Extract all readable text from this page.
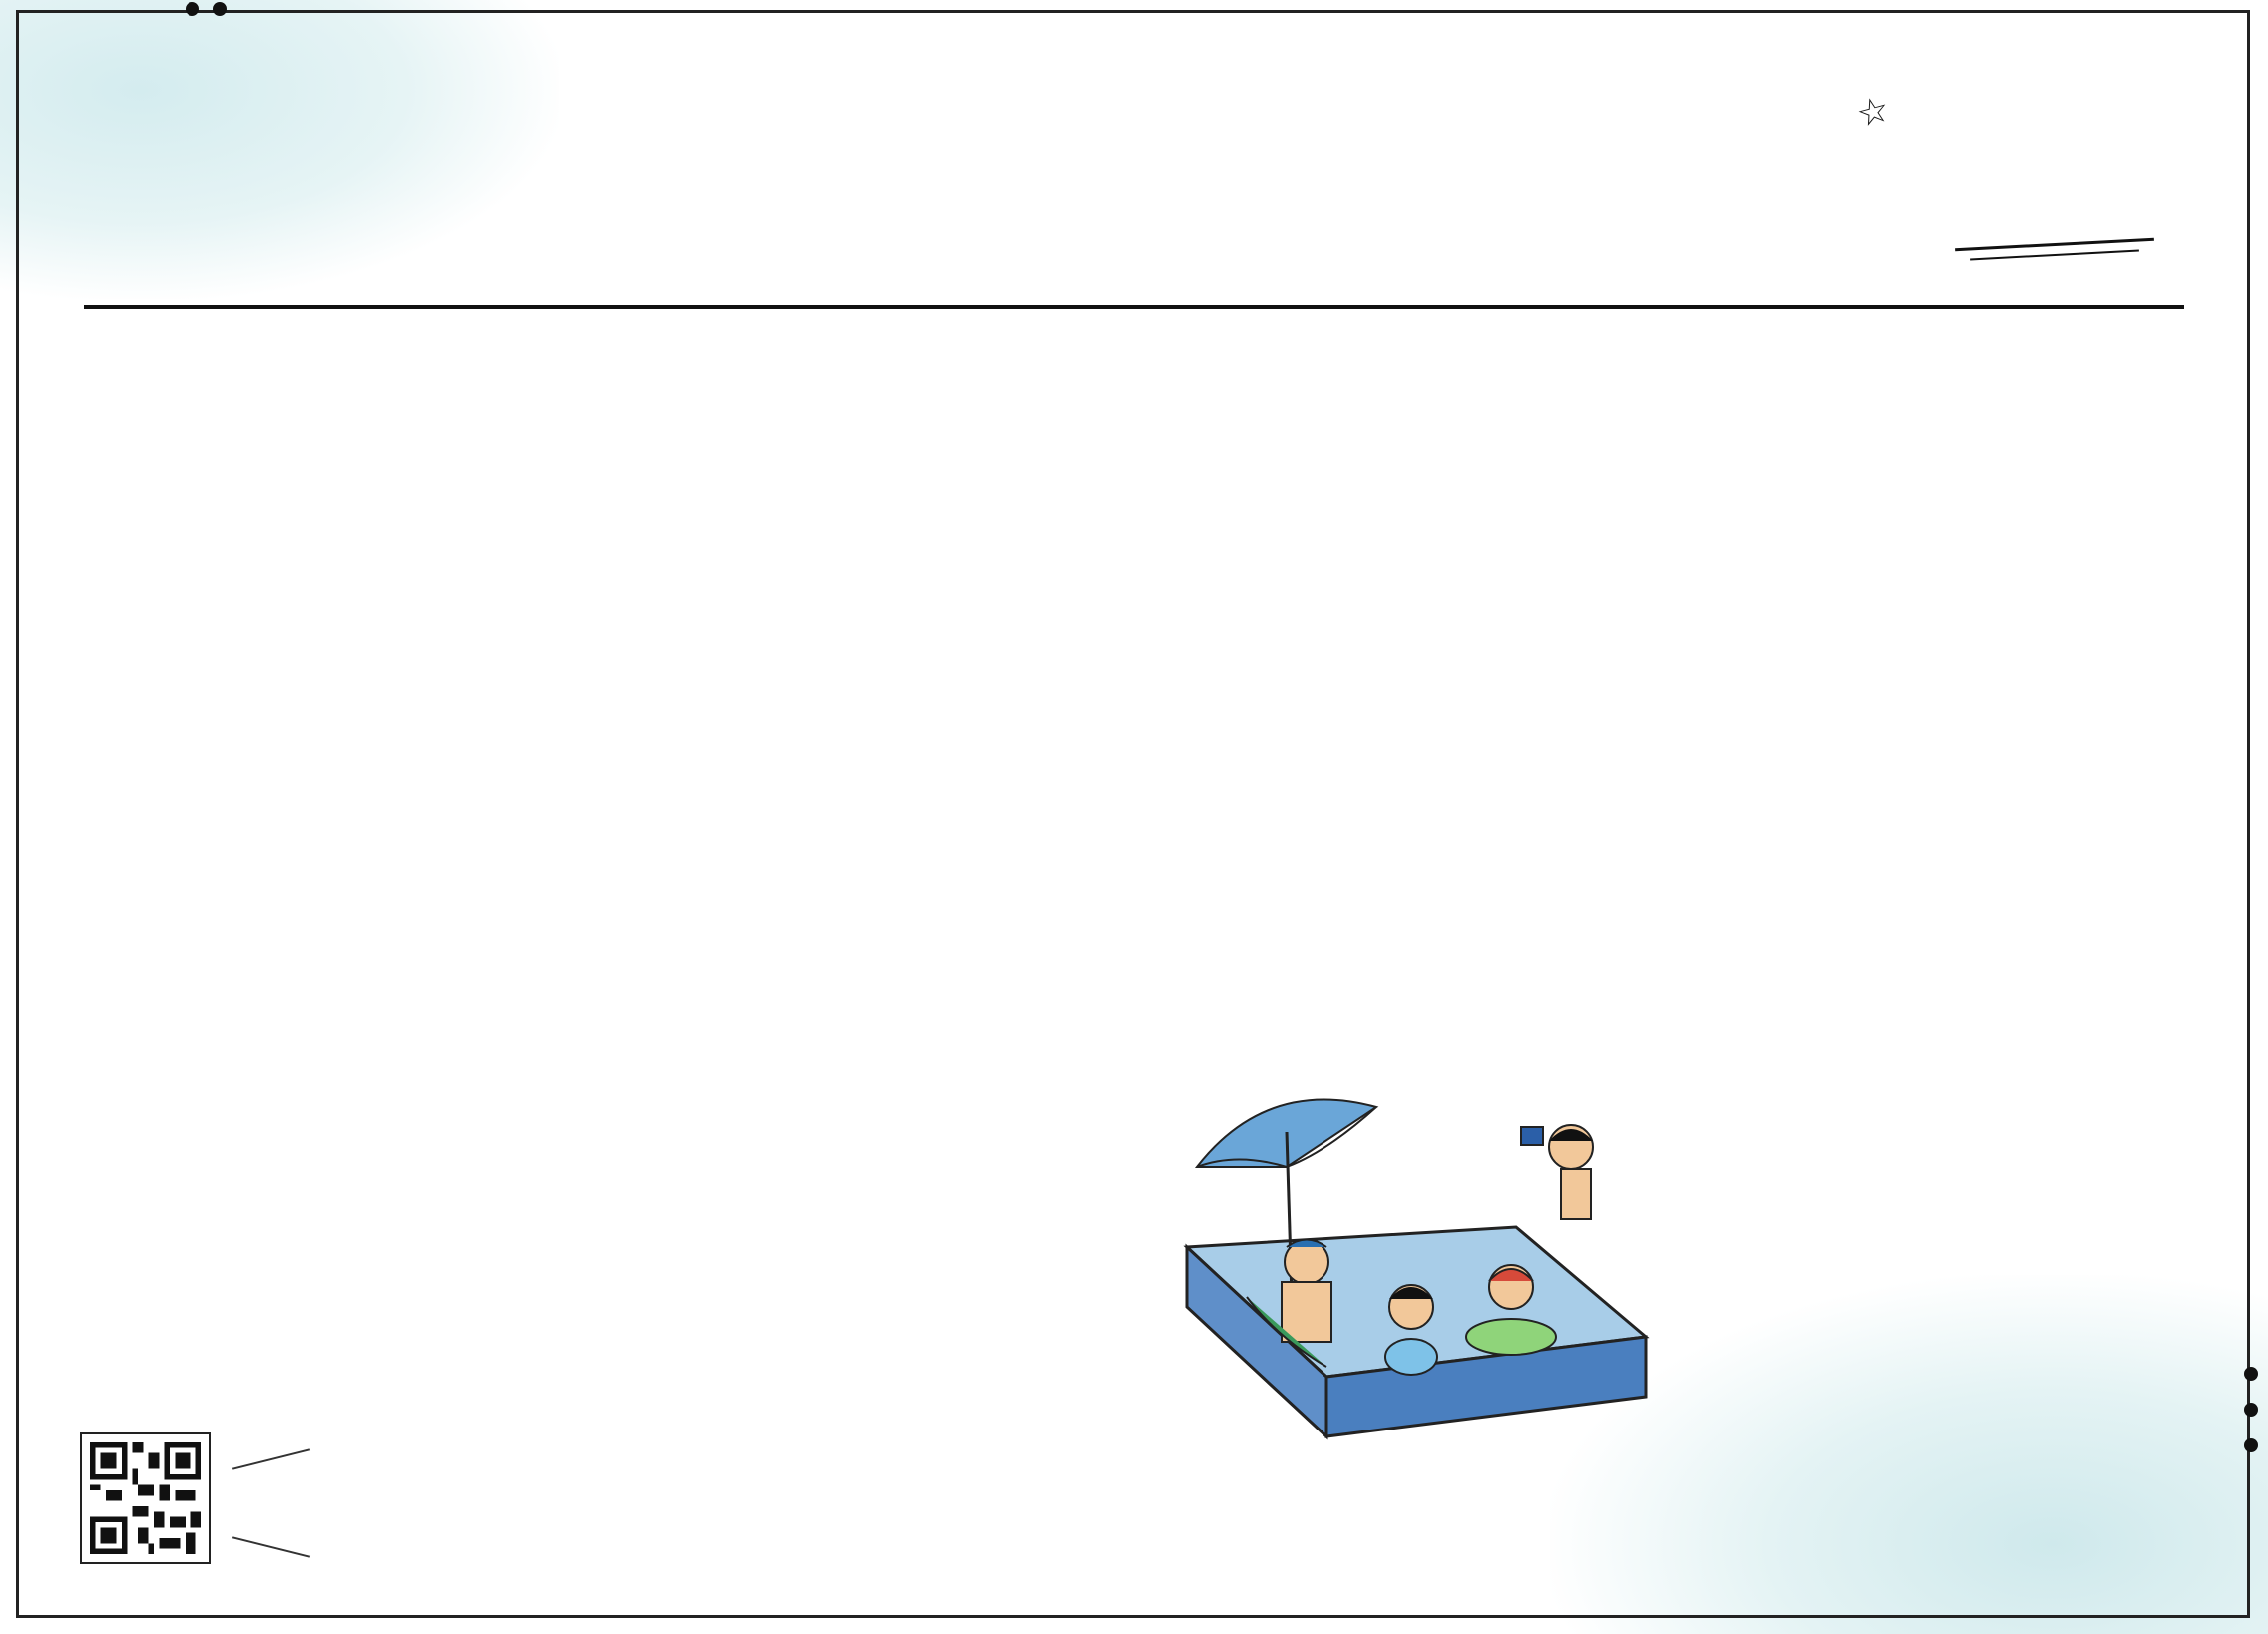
☆
